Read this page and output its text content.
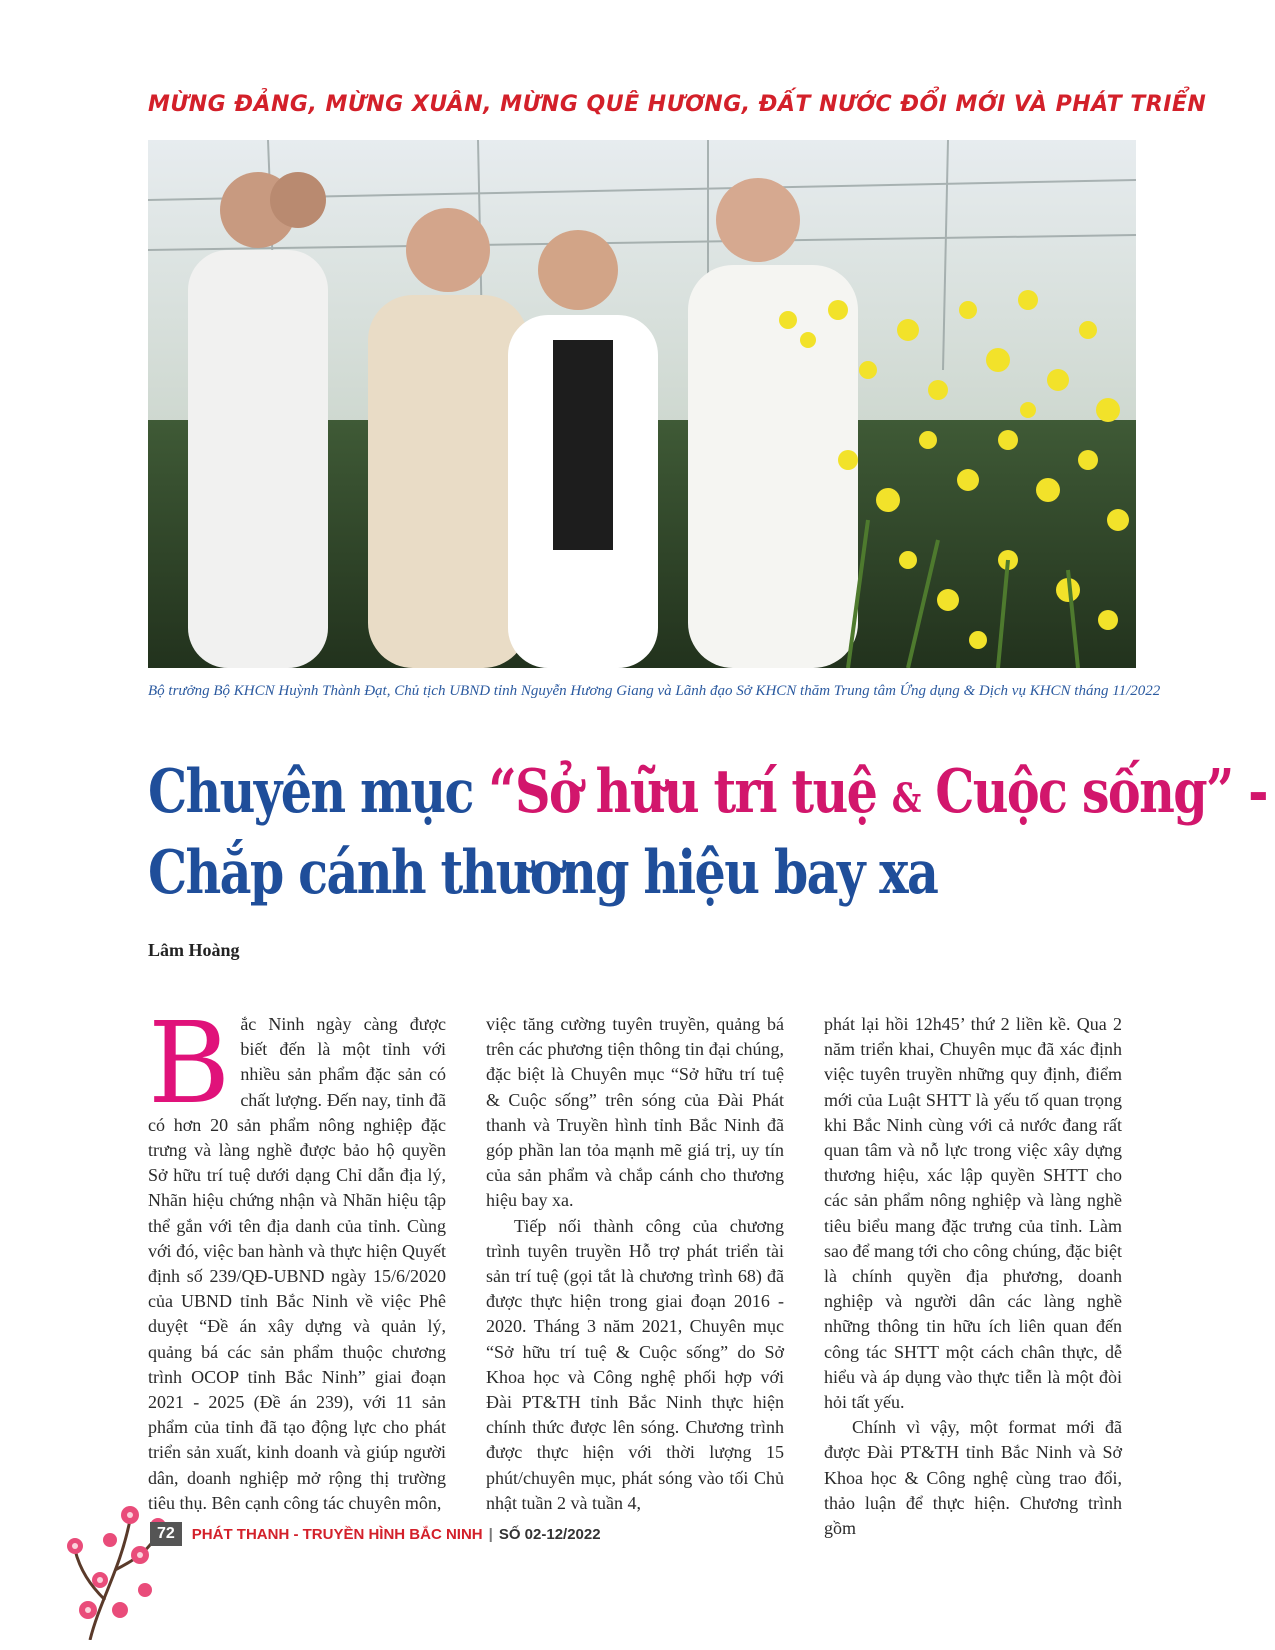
MỪNG ĐẢNG, MỪNG XUÂN, MỪNG QUÊ HƯƠNG, ĐẤT NƯỚC ĐỔI MỚI VÀ PHÁT TRIỂN
Bộ trưởng Bộ KHCN Huỳnh Thành Đạt, Chủ tịch UBND tỉnh Nguyễn Hương Giang và Lãnh đạo Sở KHCN thăm Trung tâm Ứng dụng & Dịch vụ KHCN tháng 11/2022
Chuyên mục “Sở hữu trí tuệ & Cuộc sống” -
Chắp cánh thương hiệu bay xa
Lâm Hoàng

Bắc Ninh ngày càng được biết đến là một tỉnh với nhiều sản phẩm đặc sản có chất lượng. Đến nay, tỉnh đã có hơn 20 sản phẩm nông nghiệp đặc trưng và làng nghề được bảo hộ quyền Sở hữu trí tuệ dưới dạng Chỉ dẫn địa lý, Nhãn hiệu chứng nhận và Nhãn hiệu tập thể gắn với tên địa danh của tỉnh. Cùng với đó, việc ban hành và thực hiện Quyết định số 239/QĐ-UBND ngày 15/6/2020 của UBND tỉnh Bắc Ninh về việc Phê duyệt “Đề án xây dựng và quản lý, quảng bá các sản phẩm thuộc chương trình OCOP tỉnh Bắc Ninh” giai đoạn 2021 - 2025 (Đề án 239), với 11 sản phẩm của tỉnh đã tạo động lực cho phát triển sản xuất, kinh doanh và giúp người dân, doanh nghiệp mở rộng thị trường tiêu thụ. Bên cạnh công tác chuyên môn,

việc tăng cường tuyên truyền, quảng bá trên các phương tiện thông tin đại chúng, đặc biệt là Chuyên mục “Sở hữu trí tuệ & Cuộc sống” trên sóng của Đài Phát thanh và Truyền hình tỉnh Bắc Ninh đã góp phần lan tỏa mạnh mẽ giá trị, uy tín của sản phẩm và chắp cánh cho thương hiệu bay xa.

Tiếp nối thành công của chương trình tuyên truyền Hỗ trợ phát triển tài sản trí tuệ (gọi tắt là chương trình 68) đã được thực hiện trong giai đoạn 2016 - 2020. Tháng 3 năm 2021, Chuyên mục “Sở hữu trí tuệ & Cuộc sống” do Sở Khoa học và Công nghệ phối hợp với Đài PT&TH tỉnh Bắc Ninh thực hiện chính thức được lên sóng. Chương trình được thực hiện với thời lượng 15 phút/chuyên mục, phát sóng vào tối Chủ nhật tuần 2 và tuần 4,

phát lại hồi 12h45’ thứ 2 liền kề. Qua 2 năm triển khai, Chuyên mục đã xác định việc tuyên truyền những quy định, điểm mới của Luật SHTT là yếu tố quan trọng khi Bắc Ninh cùng với cả nước đang rất quan tâm và nỗ lực trong việc xây dựng thương hiệu, xác lập quyền SHTT cho các sản phẩm nông nghiệp và làng nghề tiêu biểu mang đặc trưng của tỉnh. Làm sao để mang tới cho công chúng, đặc biệt là chính quyền địa phương, doanh nghiệp và người dân các làng nghề những thông tin hữu ích liên quan đến công tác SHTT một cách chân thực, dễ hiểu và áp dụng vào thực tiễn là một đòi hỏi tất yếu.

Chính vì vậy, một format mới đã được Đài PT&TH tỉnh Bắc Ninh và Sở Khoa học & Công nghệ cùng trao đổi, thảo luận để thực hiện. Chương trình gồm

72	PHÁT THANH - TRUYỀN HÌNH BẮC NINH | SỐ 02-12/2022
